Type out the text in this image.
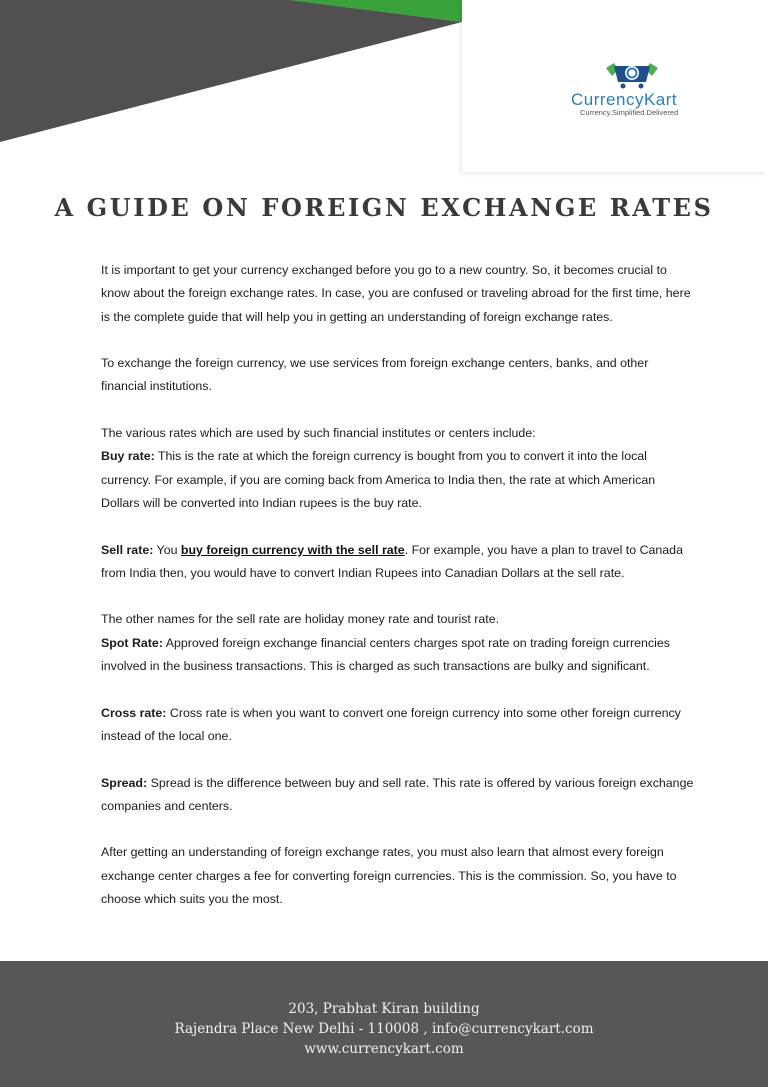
CurrencyKart
Currency.Simplified.Delivered
A GUIDE ON FOREIGN EXCHANGE RATES

It is important to get your currency exchanged before you go to a new country. So, it becomes crucial to know about the foreign exchange rates. In case, you are confused or traveling abroad for the first time, here is the complete guide that will help you in getting an understanding of foreign exchange rates.

To exchange the foreign currency, we use services from foreign exchange centers, banks, and other financial institutions.

The various rates which are used by such financial institutes or centers include:

Buy rate: This is the rate at which the foreign currency is bought from you to convert it into the local currency. For example, if you are coming back from America to India then, the rate at which American Dollars will be converted into Indian rupees is the buy rate.

Sell rate: You buy foreign currency with the sell rate. For example, you have a plan to travel to Canada from India then, you would have to convert Indian Rupees into Canadian Dollars at the sell rate.

The other names for the sell rate are holiday money rate and tourist rate.

Spot Rate: Approved foreign exchange financial centers charges spot rate on trading foreign currencies involved in the business transactions. This is charged as such transactions are bulky and significant.

Cross rate: Cross rate is when you want to convert one foreign currency into some other foreign currency instead of the local one.

Spread: Spread is the difference between buy and sell rate. This rate is offered by various foreign exchange companies and centers.

After getting an understanding of foreign exchange rates, you must also learn that almost every foreign exchange center charges a fee for converting foreign currencies. This is the commission. So, you have to choose which suits you the most.

203, Prabhat Kiran building
Rajendra Place New Delhi - 110008 , info@currencykart.com
www.currencykart.com
